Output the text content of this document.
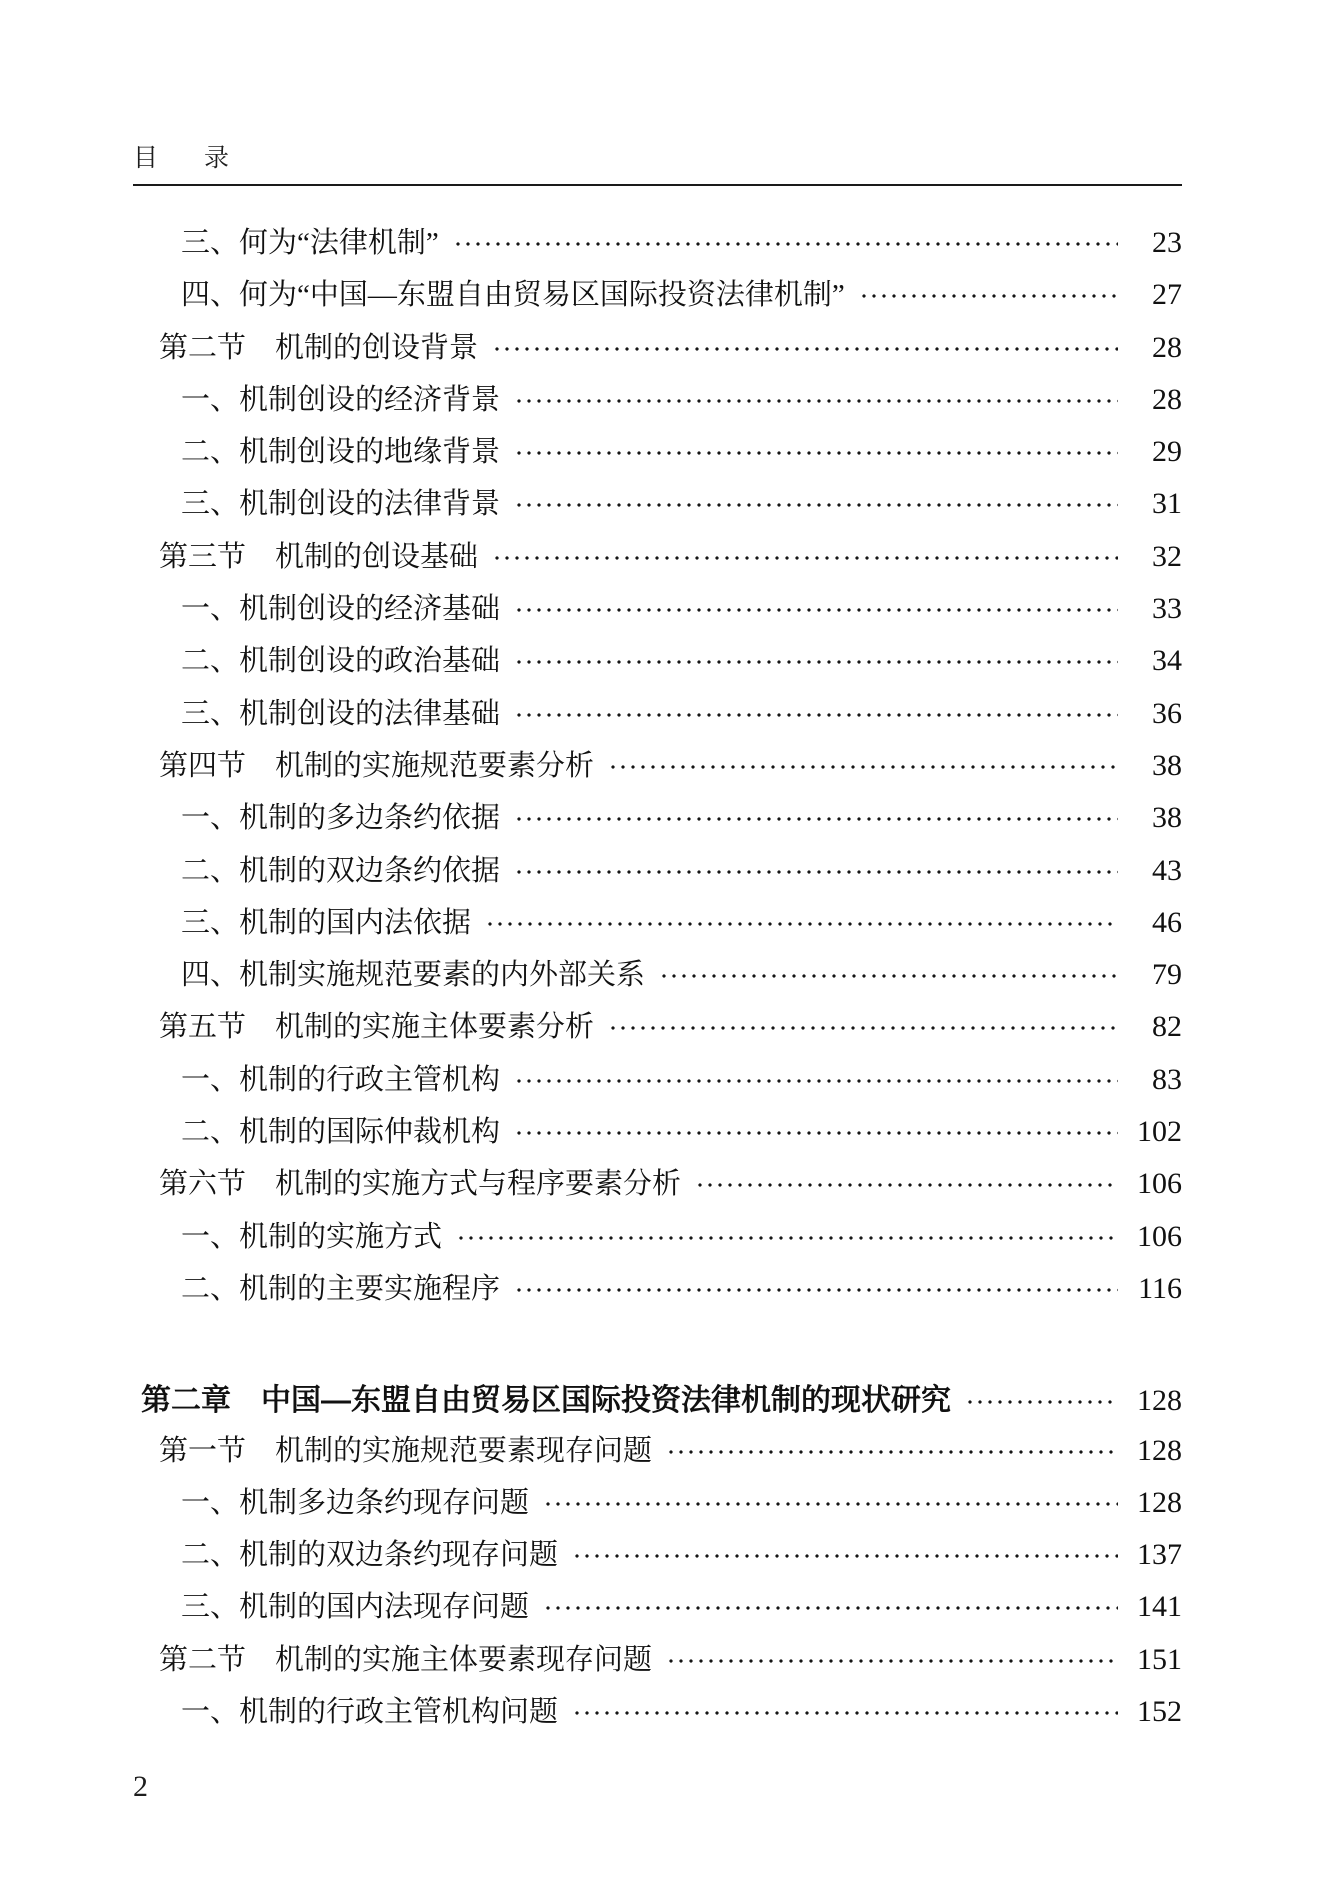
目录
三、何为“法律机制”	23
四、何为“中国—东盟自由贸易区国际投资法律机制”	27
第二节　机制的创设背景	28
一、机制创设的经济背景	28
二、机制创设的地缘背景	29
三、机制创设的法律背景	31
第三节　机制的创设基础	32
一、机制创设的经济基础	33
二、机制创设的政治基础	34
三、机制创设的法律基础	36
第四节　机制的实施规范要素分析	38
一、机制的多边条约依据	38
二、机制的双边条约依据	43
三、机制的国内法依据	46
四、机制实施规范要素的内外部关系	79
第五节　机制的实施主体要素分析	82
一、机制的行政主管机构	83
二、机制的国际仲裁机构	102
第六节　机制的实施方式与程序要素分析	106
一、机制的实施方式	106
二、机制的主要实施程序	116
第二章　中国—东盟自由贸易区国际投资法律机制的现状研究	128
第一节　机制的实施规范要素现存问题	128
一、机制多边条约现存问题	128
二、机制的双边条约现存问题	137
三、机制的国内法现存问题	141
第二节　机制的实施主体要素现存问题	151
一、机制的行政主管机构问题	152
2
